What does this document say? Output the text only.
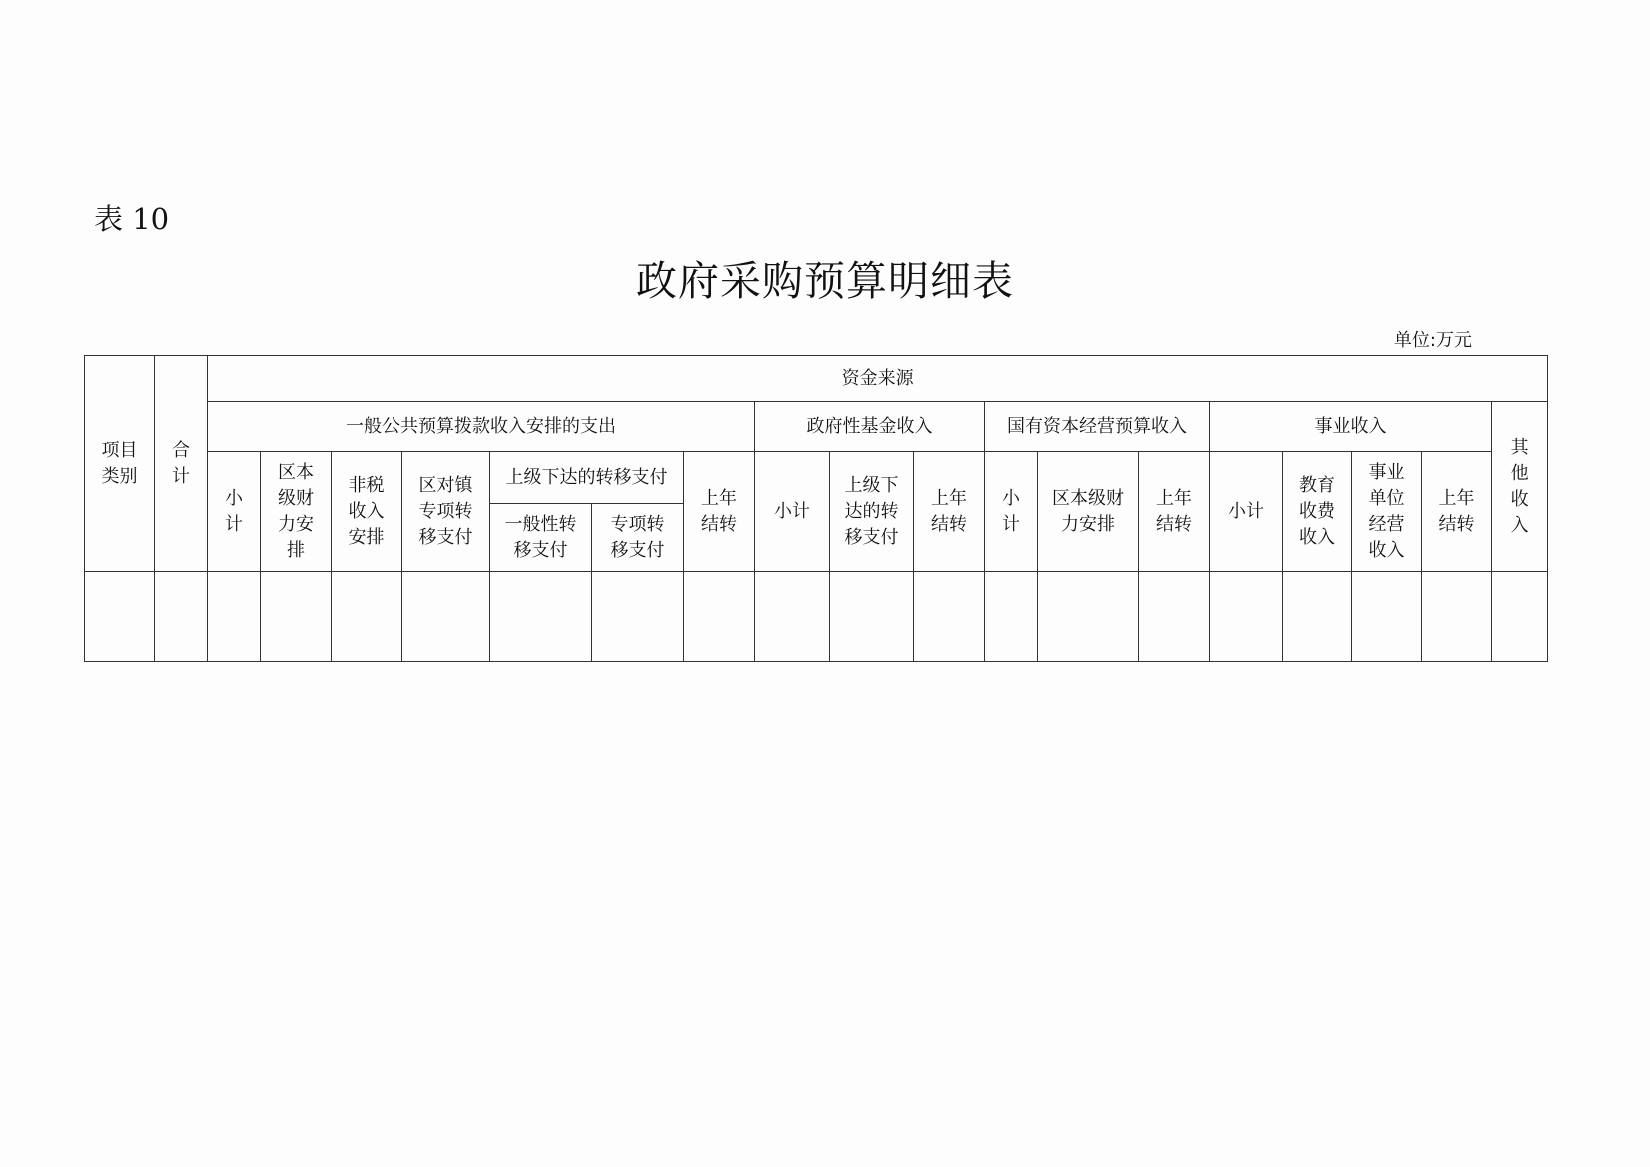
表 10
政府采购预算明细表
单位:万元
项目类别	合计	资金来源																	
		一般公共预算拨款收入安排的支出							政府性基金收入			国有资本经营预算收入			事业收入				其他收入
		小计	区本级财力安排	非税收入安排	区对镇专项转移支付	上级下达的转移支付		上年结转	小计	上级下达的转移支付	上年结转	小计	区本级财力安排	上年结转	小计	教育收费收入	事业单位经营收入	上年结转	
						一般性转移支付	专项转移支付												
